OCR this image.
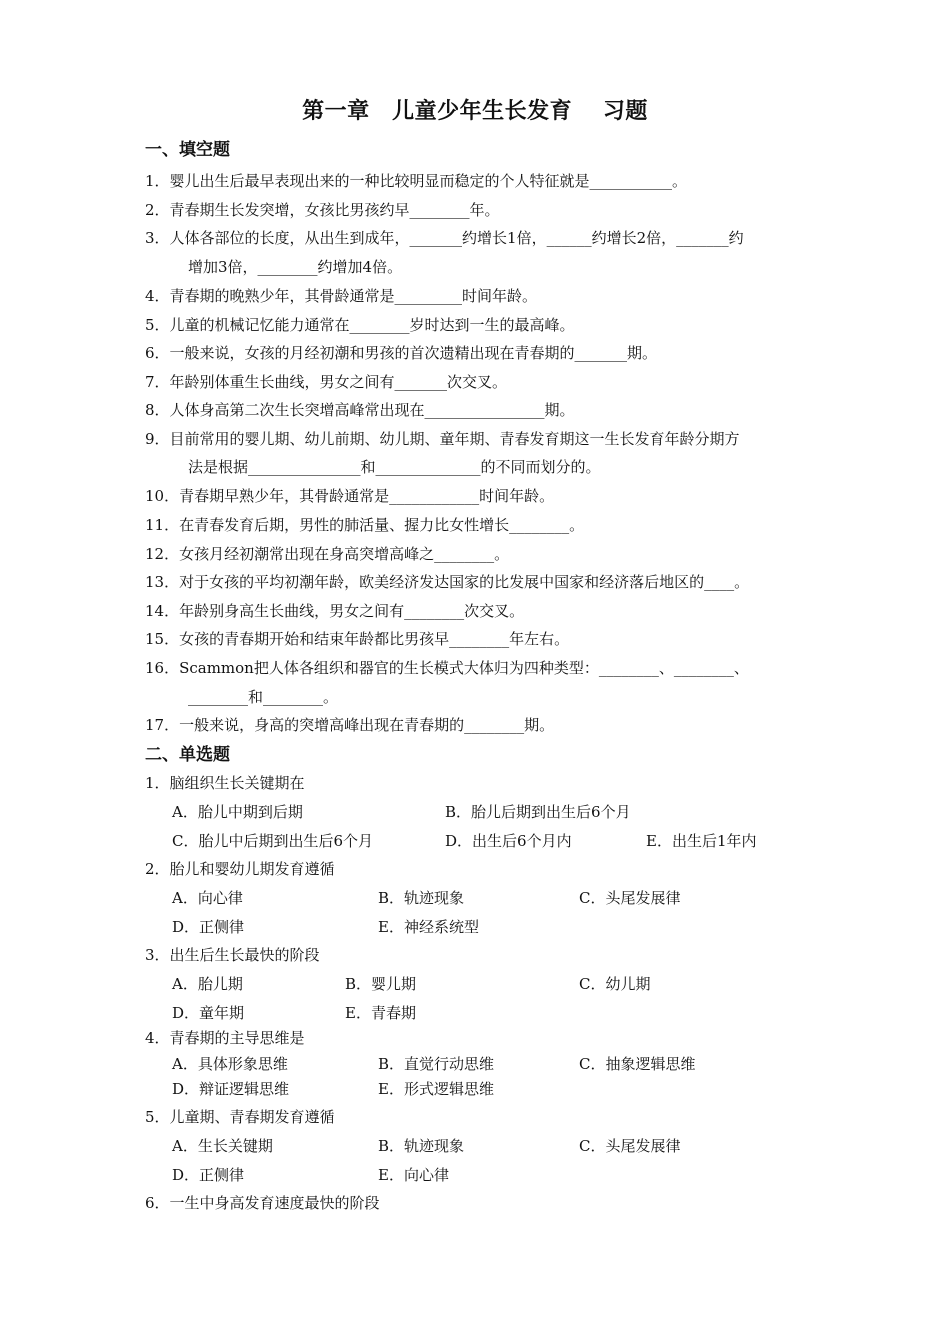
第一章　儿童少年生长发育　 习题
一、填空题
1．婴儿出生后最早表现出来的一种比较明显而稳定的个人特征就是___________。
2．青春期生长发突增，女孩比男孩约早________年。
3．人体各部位的长度，从出生到成年，_______约增长1倍，______约增长2倍，_______约
增加3倍，________约增加4倍。
4．青春期的晚熟少年，其骨龄通常是_________时间年龄。
5．儿童的机械记忆能力通常在________岁时达到一生的最高峰。
6．一般来说，女孩的月经初潮和男孩的首次遗精出现在青春期的_______期。
7．年龄别体重生长曲线，男女之间有_______次交叉。
8．人体身高第二次生长突增高峰常出现在________________期。
9．目前常用的婴儿期、幼儿前期、幼儿期、童年期、青春发育期这一生长发育年龄分期方
法是根据_______________和______________的不同而划分的。
10．青春期早熟少年，其骨龄通常是____________时间年龄。
11．在青春发育后期，男性的肺活量、握力比女性增长________。
12．女孩月经初潮常出现在身高突增高峰之________。
13．对于女孩的平均初潮年龄，欧美经济发达国家的比发展中国家和经济落后地区的____。
14．年龄别身高生长曲线，男女之间有________次交叉。
15．女孩的青春期开始和结束年龄都比男孩早________年左右。
16．Scammon把人体各组织和器官的生长模式大体归为四种类型：________、________、
________和________。
17．一般来说，身高的突增高峰出现在青春期的________期。
二、单选题
1．脑组织生长关键期在
A．胎儿中期到后期	B．胎儿后期到出生后6个月
C．胎儿中后期到出生后6个月	D．出生后6个月内	E．出生后1年内
2．胎儿和婴幼儿期发育遵循
A．向心律	B．轨迹现象	C．头尾发展律
D．正侧律	E．神经系统型
3．出生后生长最快的阶段
A．胎儿期	B．婴儿期	C．幼儿期
D．童年期	E．青春期
4．青春期的主导思维是
A．具体形象思维	B．直觉行动思维	C．抽象逻辑思维
D．辩证逻辑思维	E．形式逻辑思维
5．儿童期、青春期发育遵循
A．生长关键期	B．轨迹现象	C．头尾发展律
D．正侧律	E．向心律
6．一生中身高发育速度最快的阶段
